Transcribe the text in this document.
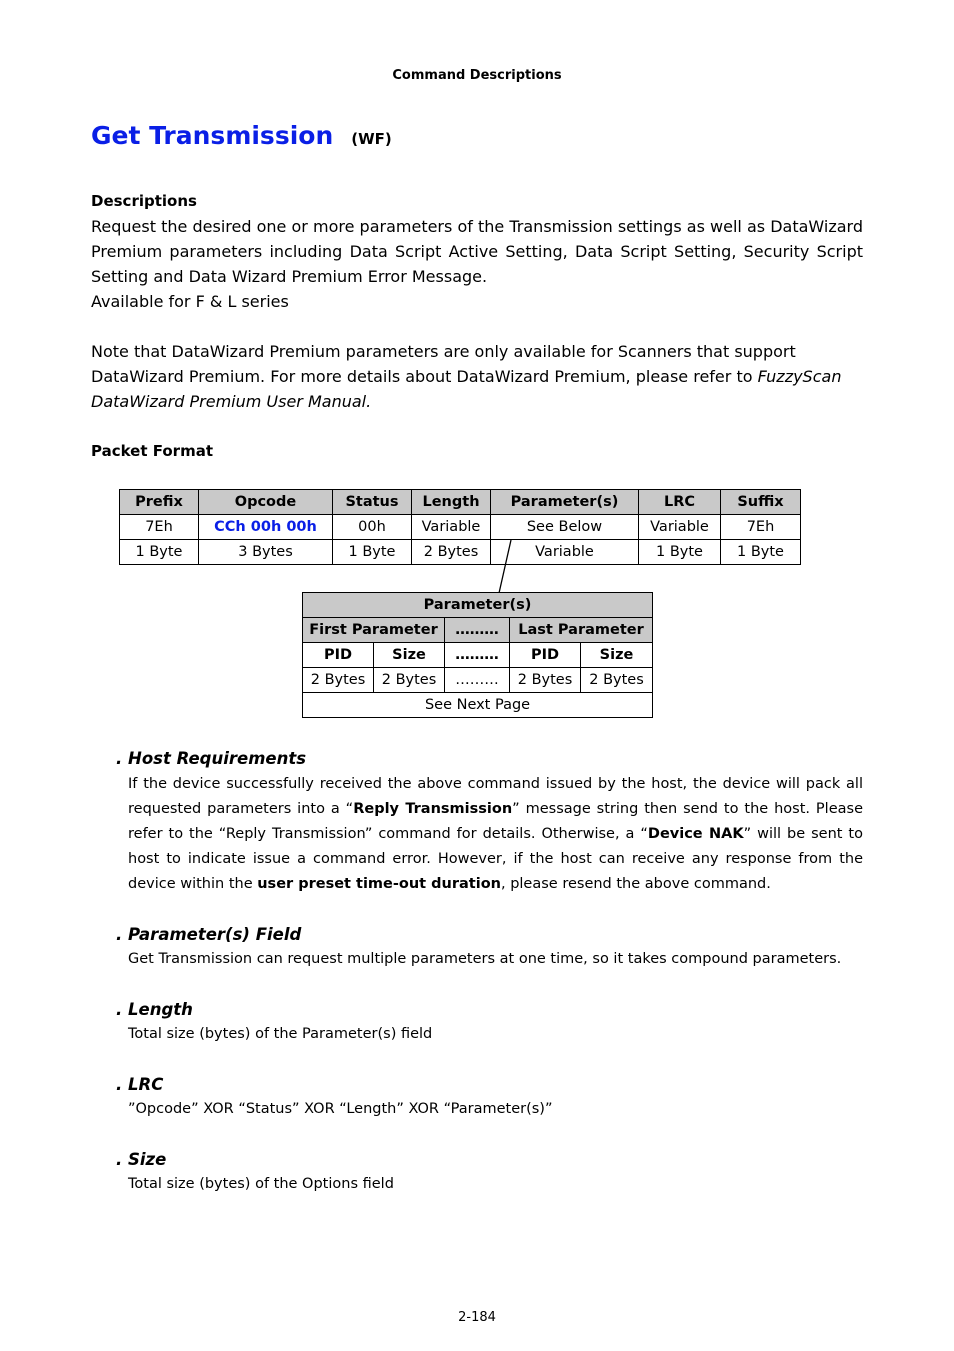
Command Descriptions
Get Transmission (WF)
Descriptions

Request the desired one or more parameters of the Transmission settings as well as DataWizard Premium parameters including Data Script Active Setting, Data Script Setting, Security Script Setting and Data Wizard Premium Error Message.

Available for F & L series

Note that DataWizard Premium parameters are only available for Scanners that support
DataWizard Premium. For more details about DataWizard Premium, please refer to FuzzyScan
DataWizard Premium User Manual.
Packet Format
Prefix	Opcode	Status	Length	Parameter(s)	LRC	Suffix
7Eh	CCh 00h 00h	00h	Variable	See Below	Variable	7Eh
1 Byte	3 Bytes	1 Byte	2 Bytes	Variable	1 Byte	1 Byte
Parameter(s)				
First Parameter		………	Last Parameter	
PID	Size	………	PID	Size
2 Bytes	2 Bytes	………	2 Bytes	2 Bytes
See Next Page				
. Host Requirements
If the device successfully received the above command issued by the host, the device will pack all requested parameters into a “Reply Transmission” message string then send to the host. Please refer to the “Reply Transmission” command for details. Otherwise, a “Device NAK” will be sent to host to indicate issue a command error. However, if the host can receive any response from the device within the user preset time-out duration, please resend the above command.
. Parameter(s) Field
Get Transmission can request multiple parameters at one time, so it takes compound parameters.
. Length
Total size (bytes) of the Parameter(s) field
. LRC
”Opcode” XOR “Status” XOR “Length” XOR “Parameter(s)”
. Size
Total size (bytes) of the Options field
2-184
